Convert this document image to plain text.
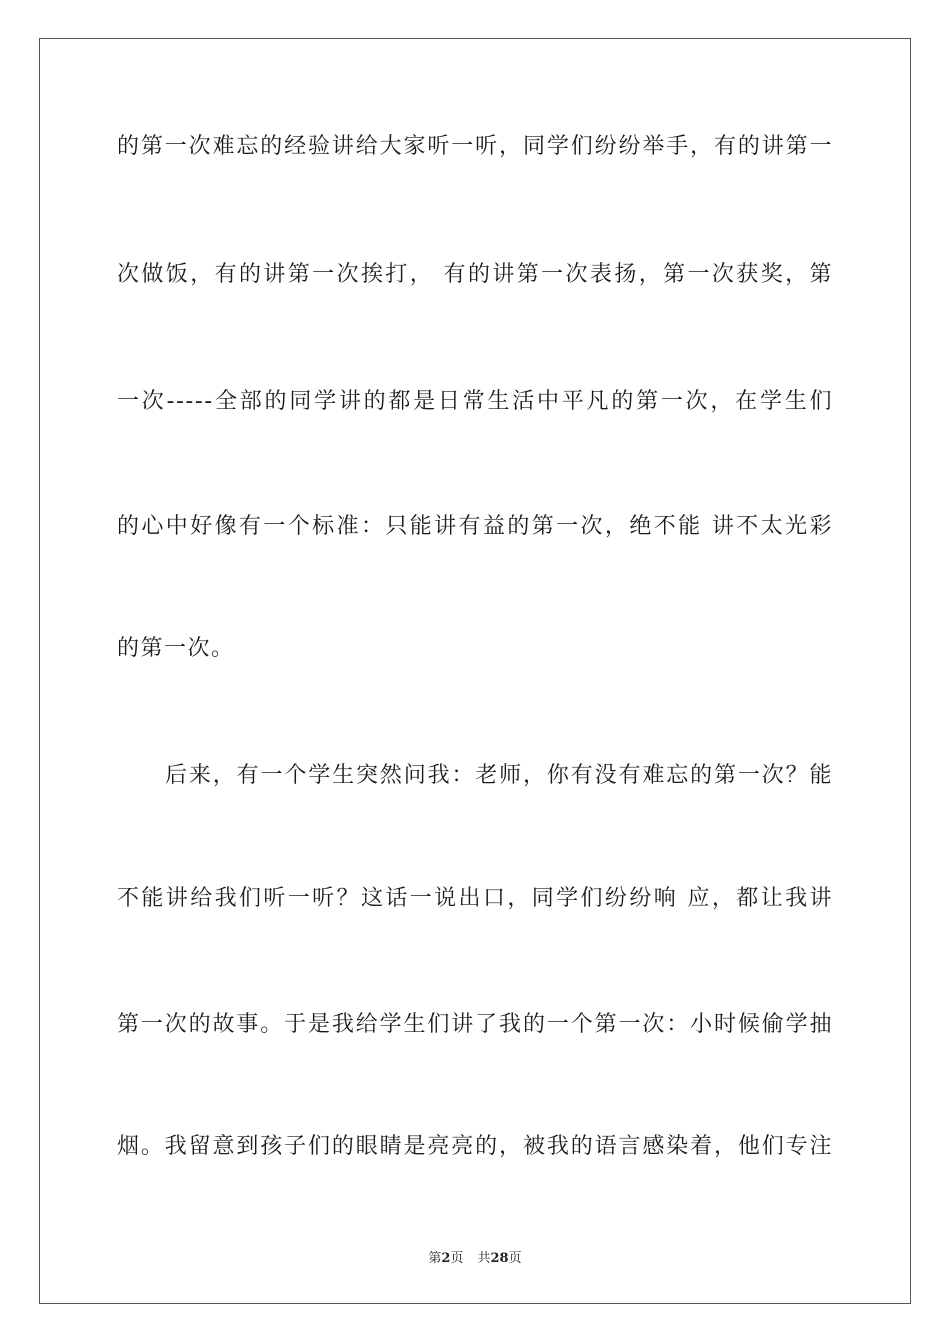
的第一次难忘的经验讲给大家听一听，同学们纷纷举手，有的讲第一
次做饭，有的讲第一次挨打， 有的讲第一次表扬，第一次获奖，第
一次-----全部的同学讲的都是日常生活中平凡的第一次，在学生们
的心中好像有一个标准：只能讲有益的第一次，绝不能 讲不太光彩
的第一次。
后来，有一个学生突然问我：老师，你有没有难忘的第一次？能
不能讲给我们听一听？这话一说出口，同学们纷纷响 应，都让我讲
第一次的故事。于是我给学生们讲了我的一个第一次：小时候偷学抽
烟。我留意到孩子们的眼睛是亮亮的，被我的语言感染着，他们专注
第2页 共28页
